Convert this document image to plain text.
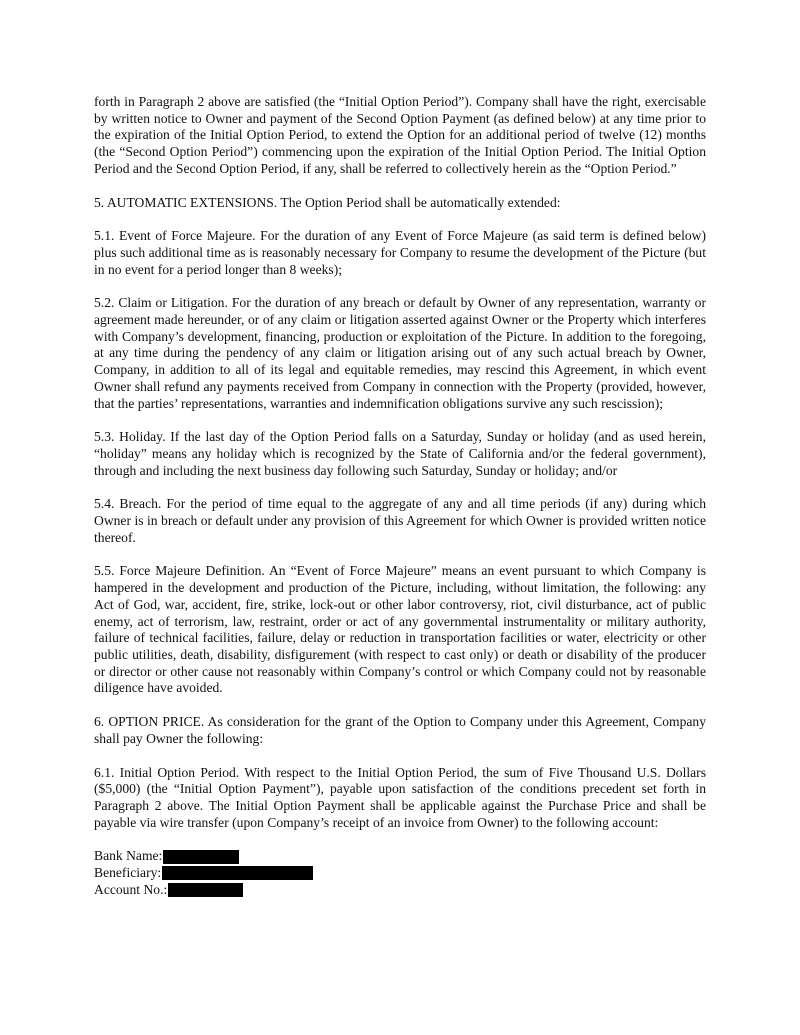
forth in Paragraph 2 above are satisfied (the “Initial Option Period”). Company shall have the right, exercisable by written notice to Owner and payment of the Second Option Payment (as defined below) at any time prior to the expiration of the Initial Option Period, to extend the Option for an additional period of twelve (12) months (the “Second Option Period”) commencing upon the expiration of the Initial Option Period. The Initial Option Period and the Second Option Period, if any, shall be referred to collectively herein as the “Option Period.”

5. AUTOMATIC EXTENSIONS. The Option Period shall be automatically extended:

5.1. Event of Force Majeure. For the duration of any Event of Force Majeure (as said term is defined below) plus such additional time as is reasonably necessary for Company to resume the development of the Picture (but in no event for a period longer than 8 weeks);

5.2. Claim or Litigation. For the duration of any breach or default by Owner of any representation, warranty or agreement made hereunder, or of any claim or litigation asserted against Owner or the Property which interferes with Company’s development, financing, production or exploitation of the Picture. In addition to the foregoing, at any time during the pendency of any claim or litigation arising out of any such actual breach by Owner, Company, in addition to all of its legal and equitable remedies, may rescind this Agreement, in which event Owner shall refund any payments received from Company in connection with the Property (provided, however, that the parties’ representations, warranties and indemnification obligations survive any such rescission);

5.3. Holiday. If the last day of the Option Period falls on a Saturday, Sunday or holiday (and as used herein, “holiday” means any holiday which is recognized by the State of California and/or the federal government), through and including the next business day following such Saturday, Sunday or holiday; and/or

5.4. Breach. For the period of time equal to the aggregate of any and all time periods (if any) during which Owner is in breach or default under any provision of this Agreement for which Owner is provided written notice thereof.

5.5. Force Majeure Definition. An “Event of Force Majeure” means an event pursuant to which Company is hampered in the development and production of the Picture, including, without limitation, the following: any Act of God, war, accident, fire, strike, lock-out or other labor controversy, riot, civil disturbance, act of public enemy, act of terrorism, law, restraint, order or act of any governmental instrumentality or military authority, failure of technical facilities, failure, delay or reduction in transportation facilities or water, electricity or other public utilities, death, disability, disfigurement (with respect to cast only) or death or disability of the producer or director or other cause not reasonably within Company’s control or which Company could not by reasonable diligence have avoided.

6. OPTION PRICE. As consideration for the grant of the Option to Company under this Agreement, Company shall pay Owner the following:

6.1. Initial Option Period. With respect to the Initial Option Period, the sum of Five Thousand U.S. Dollars ($5,000) (the “Initial Option Payment”), payable upon satisfaction of the conditions precedent set forth in Paragraph 2 above. The Initial Option Payment shall be applicable against the Purchase Price and shall be payable via wire transfer (upon Company’s receipt of an invoice from Owner) to the following account:

Bank Name:
Beneficiary:
Account No.:
